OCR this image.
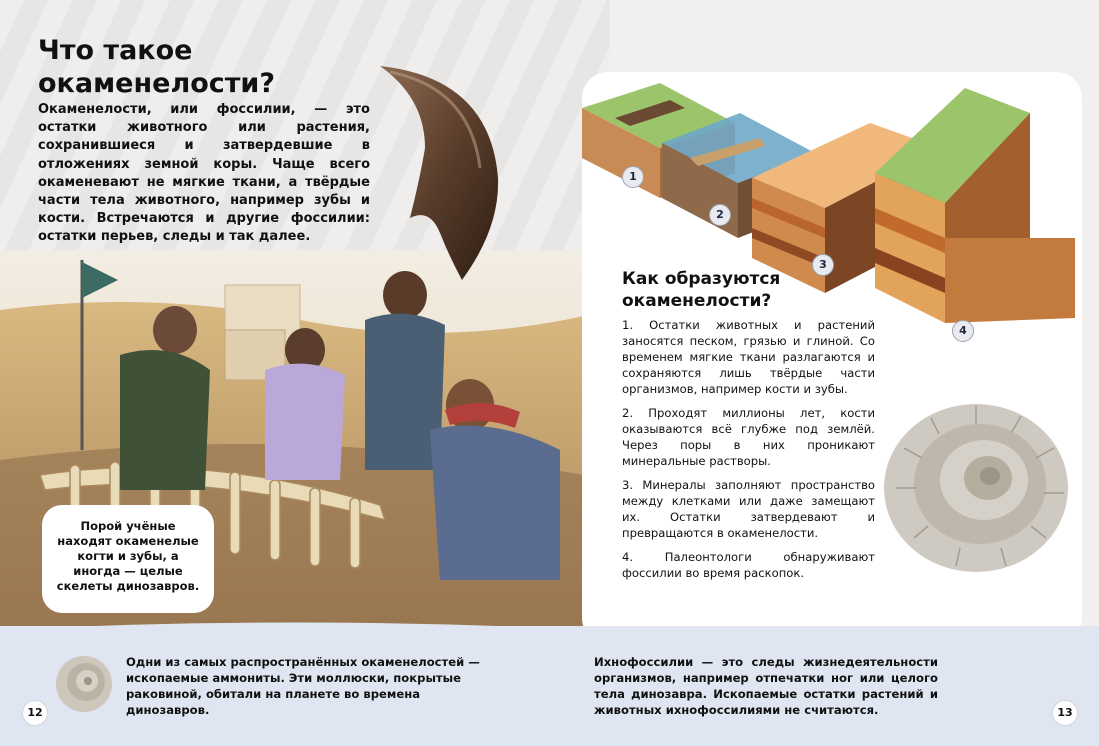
Что такое окаменелости?
Окаменелости, или фоссилии, — это остатки животного или растения, сохранившиеся и затвердевшие в отложениях земной коры. Чаще всего окаменевают не мягкие ткани, а твёрдые части тела животного, например зубы и кости. Встречаются и другие фоссилии: остатки перьев, следы и так далее.
Порой учёные находят окаменелые когти и зубы, а иногда — целые скелеты динозавров.
1
2
3
4
Как образуются окаменелости?

1. Остатки животных и растений заносятся песком, грязью и глиной. Со временем мягкие ткани разлагаются и сохраняются лишь твёрдые части организмов, например кости и зубы.

2. Проходят миллионы лет, кости оказываются всё глубже под землёй. Через поры в них проникают минеральные растворы.

3. Минералы заполняют пространство между клетками или даже замещают их. Остатки затвердевают и превращаются в окаменелости.

4. Палеонтологи обнаруживают фоссилии во время раскопок.

Одни из самых распространённых окаменелостей — ископаемые аммониты. Эти моллюски, покрытые раковиной, обитали на планете во времена динозавров.
Ихнофоссилии — это следы жизнедеятельности организмов, например отпечатки ног или целого тела динозавра. Ископаемые остатки растений и животных ихнофоссилиями не считаются.
12	13
